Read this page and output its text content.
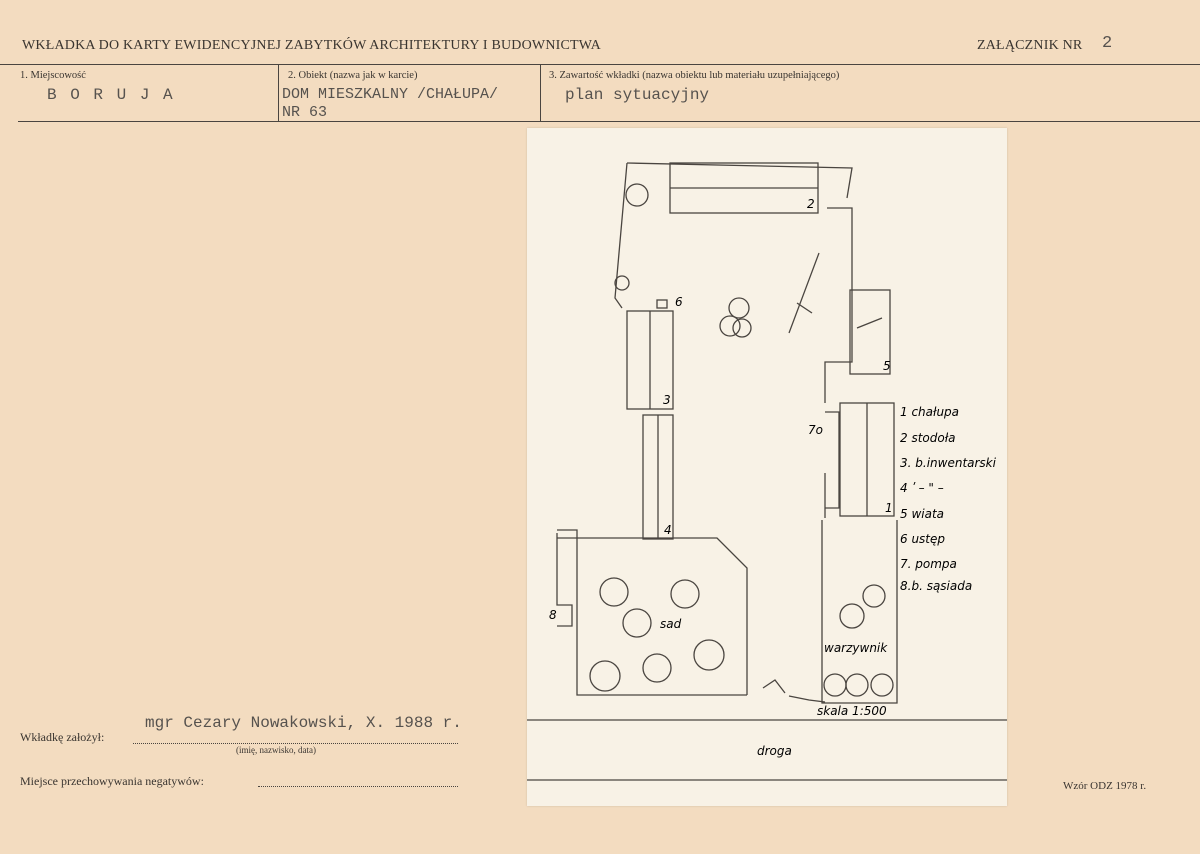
WKŁADKA DO KARTY EWIDENCYJNEJ ZABYTKÓW ARCHITEKTURY I BUDOWNICTWA	ZAŁĄCZNIK NR 2
1. Miejscowość
B O R U J A
2. Obiekt (nazwa jak w karcie)
DOM MIESZKALNY /CHAŁUPA/
NR 63
3. Zawartość wkładki (nazwa obiektu lub materiału uzupełniającego)
plan sytuacyjny
1 chałupa
2 stodoła
3. b.inwentarski
4 ʹ – " –
5 wiata
6 ustęp
7. pompa
8.b. sąsiada
1
2
3
4
5
6
7o
8
sad
warzywnik
skala 1:500
droga
Wkładkę założył:
mgr Cezary Nowakowski, X. 1988 r.
(imię, nazwisko, data)
Miejsce przechowywania negatywów:	Wzór ODZ 1978 r.
